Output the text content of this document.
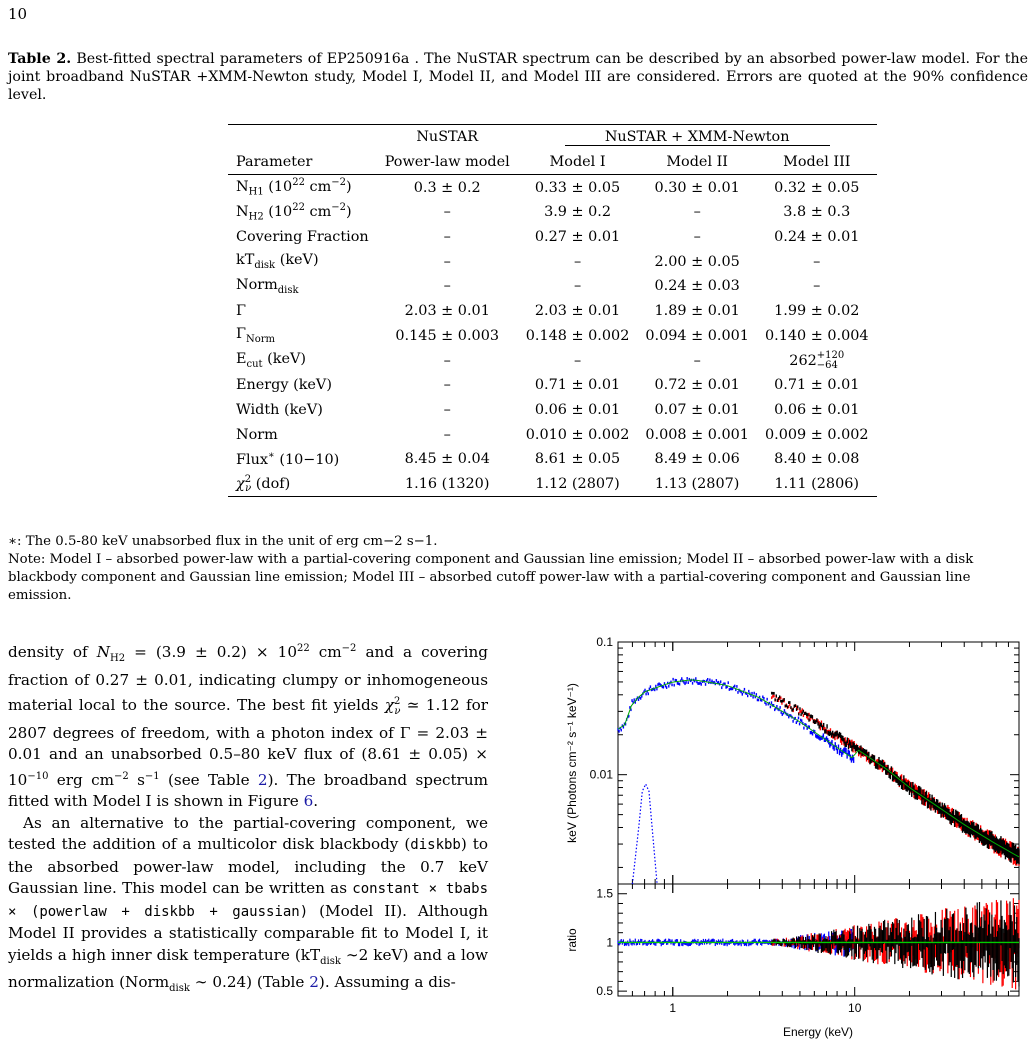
10
Table 2. Best-fitted spectral parameters of EP250916a . The NuSTAR spectrum can be described by an absorbed power-law model. For the joint broadband NuSTAR +XMM-Newton study, Model I, Model II, and Model III are considered. Errors are quoted at the 90% confidence level.
	NuSTAR	NuSTAR + XMM-Newton		
Parameter	Power-law model	Model I	Model II	Model III
$N_{H1}$ ($10^{22}$ $cm^{-2}$)	0.3 ± 0.2	0.33 ± 0.05	0.30 ± 0.01	0.32 ± 0.05
$N_{H2}$ ($10^{22}$ $cm^{-2}$)	–	3.9 ± 0.2	–	3.8 ± 0.3
Covering Fraction	–	0.27 ± 0.01	–	0.24 ± 0.01
$kT_{disk}$ (keV)	–	–	2.00 ± 0.05	–
Norm$_{disk}$	–	–	0.24 ± 0.03	–
Γ	2.03 ± 0.01	2.03 ± 0.01	1.89 ± 0.01	1.99 ± 0.02
$\Gamma_{Norm}$	0.145 ± 0.003	0.148 ± 0.002	0.094 ± 0.001	0.140 ± 0.004
$E_{cut}$ (keV)	–	–	–	262 +120
−64

Energy (keV)	–	0.71 ± 0.01	0.72 ± 0.01	0.71 ± 0.01
Width (keV)	–	0.06 ± 0.01	0.07 ± 0.01	0.06 ± 0.01
Norm	–	0.010 ± 0.002	0.008 ± 0.001	0.009 ± 0.002
Flux∗ (10−10)	8.45 ± 0.04	8.61 ± 0.05	8.49 ± 0.06	8.40 ± 0.08
$\chi^2_\nu$ (dof)	1.16 (1320)	1.12 (2807)	1.13 (2807)	1.11 (2806)
∗: The 0.5-80 keV unabsorbed flux in the unit of erg cm−2 s−1.
Note: Model I – absorbed power-law with a partial-covering component and Gaussian line emission; Model II – absorbed power-law with a disk blackbody component and Gaussian line emission; Model III – absorbed cutoff power-law with a partial-covering component and Gaussian line emission.

density of $N_{H2} = (3.9 \pm 0.2) \times 10^{22}$ $cm^{-2}$ and a covering fraction of 0.27 ± 0.01, indicating clumpy or inhomogeneous material local to the source. The best fit yields $\chi^2_\nu$ ≃ 1.12 for 2807 degrees of freedom, with a photon index of Γ = 2.03 ± 0.01 and an unabsorbed 0.5–80 keV flux of $(8.61 \pm 0.05) \times 10^{-10}$ erg $cm^{-2}$ $s^{-1}$ (see Table 2). The broadband spectrum fitted with Model I is shown in Figure 6.

As an alternative to the partial-covering component, we tested the addition of a multicolor disk blackbody (diskbb) to the absorbed power-law model, including the 0.7 keV Gaussian line. This model can be written as constant × tbabs × (powerlaw + diskbb + gaussian) (Model II). Although Model II provides a statistically comparable fit to Model I, it yields a high inner disk temperature ($kT_{disk}$ ∼2 keV) and a low normalization (Norm$_{disk}$ ∼ 0.24) (Table 2). Assuming a dis-

1	10
0.1
0.01
1.5
1
0.5
keV (Photons cm⁻² s⁻¹ keV⁻¹)
ratio
Energy (keV)
